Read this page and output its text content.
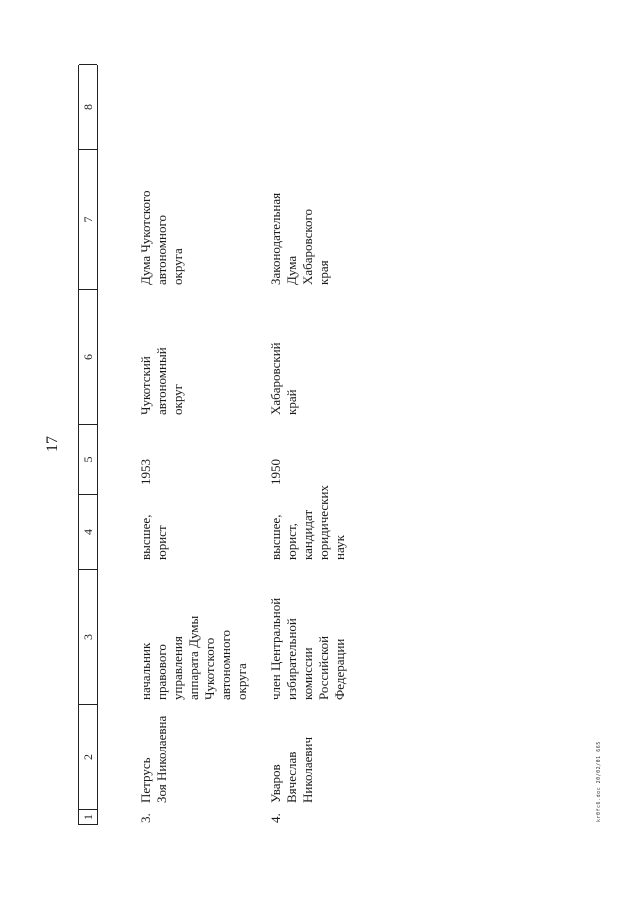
17
1
2
3
4
5
6
7
8
3.
Петрусь
Зоя Николаевна
начальник
правового
управления
аппарата Думы
Чукотского
автономного
округа
высшее,
юрист
1953
Чукотский
автономный
округ
Дума Чукотского
автономного
округа
4.
Уваров
Вячеслав
Николаевич
член Центральной
избирательной
комиссии
Российской
Федерации
высшее,
юрист,
кандидат
юридических
наук
1950
Хабаровский
край
Законодательная
Дума
Хабаровского
края
kr0fc6.doc 20/02/01 665
